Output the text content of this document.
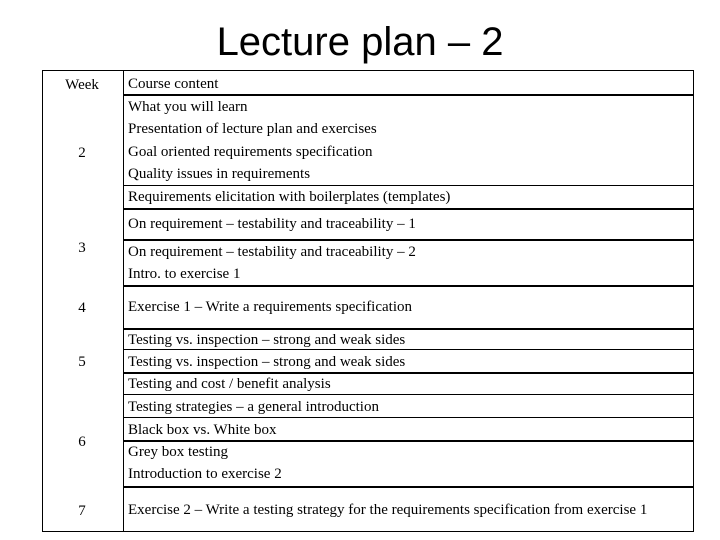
Lecture plan – 2
Week	Course content
2
3
4
5
6
7
What you will learn
Presentation of lecture plan and exercises
Goal oriented requirements specification
Quality issues in requirements
Requirements elicitation with boilerplates (templates)
On requirement – testability and traceability – 1
On requirement – testability and traceability – 2
Intro. to exercise 1
Exercise 1 – Write a requirements specification
Testing vs. inspection – strong and weak sides
Testing vs. inspection – strong and weak sides
Testing and cost / benefit analysis
Testing strategies – a general introduction
Black box vs. White box
Grey box testing
Introduction to exercise 2
Exercise 2 – Write a testing strategy for the requirements specification from exercise 1
